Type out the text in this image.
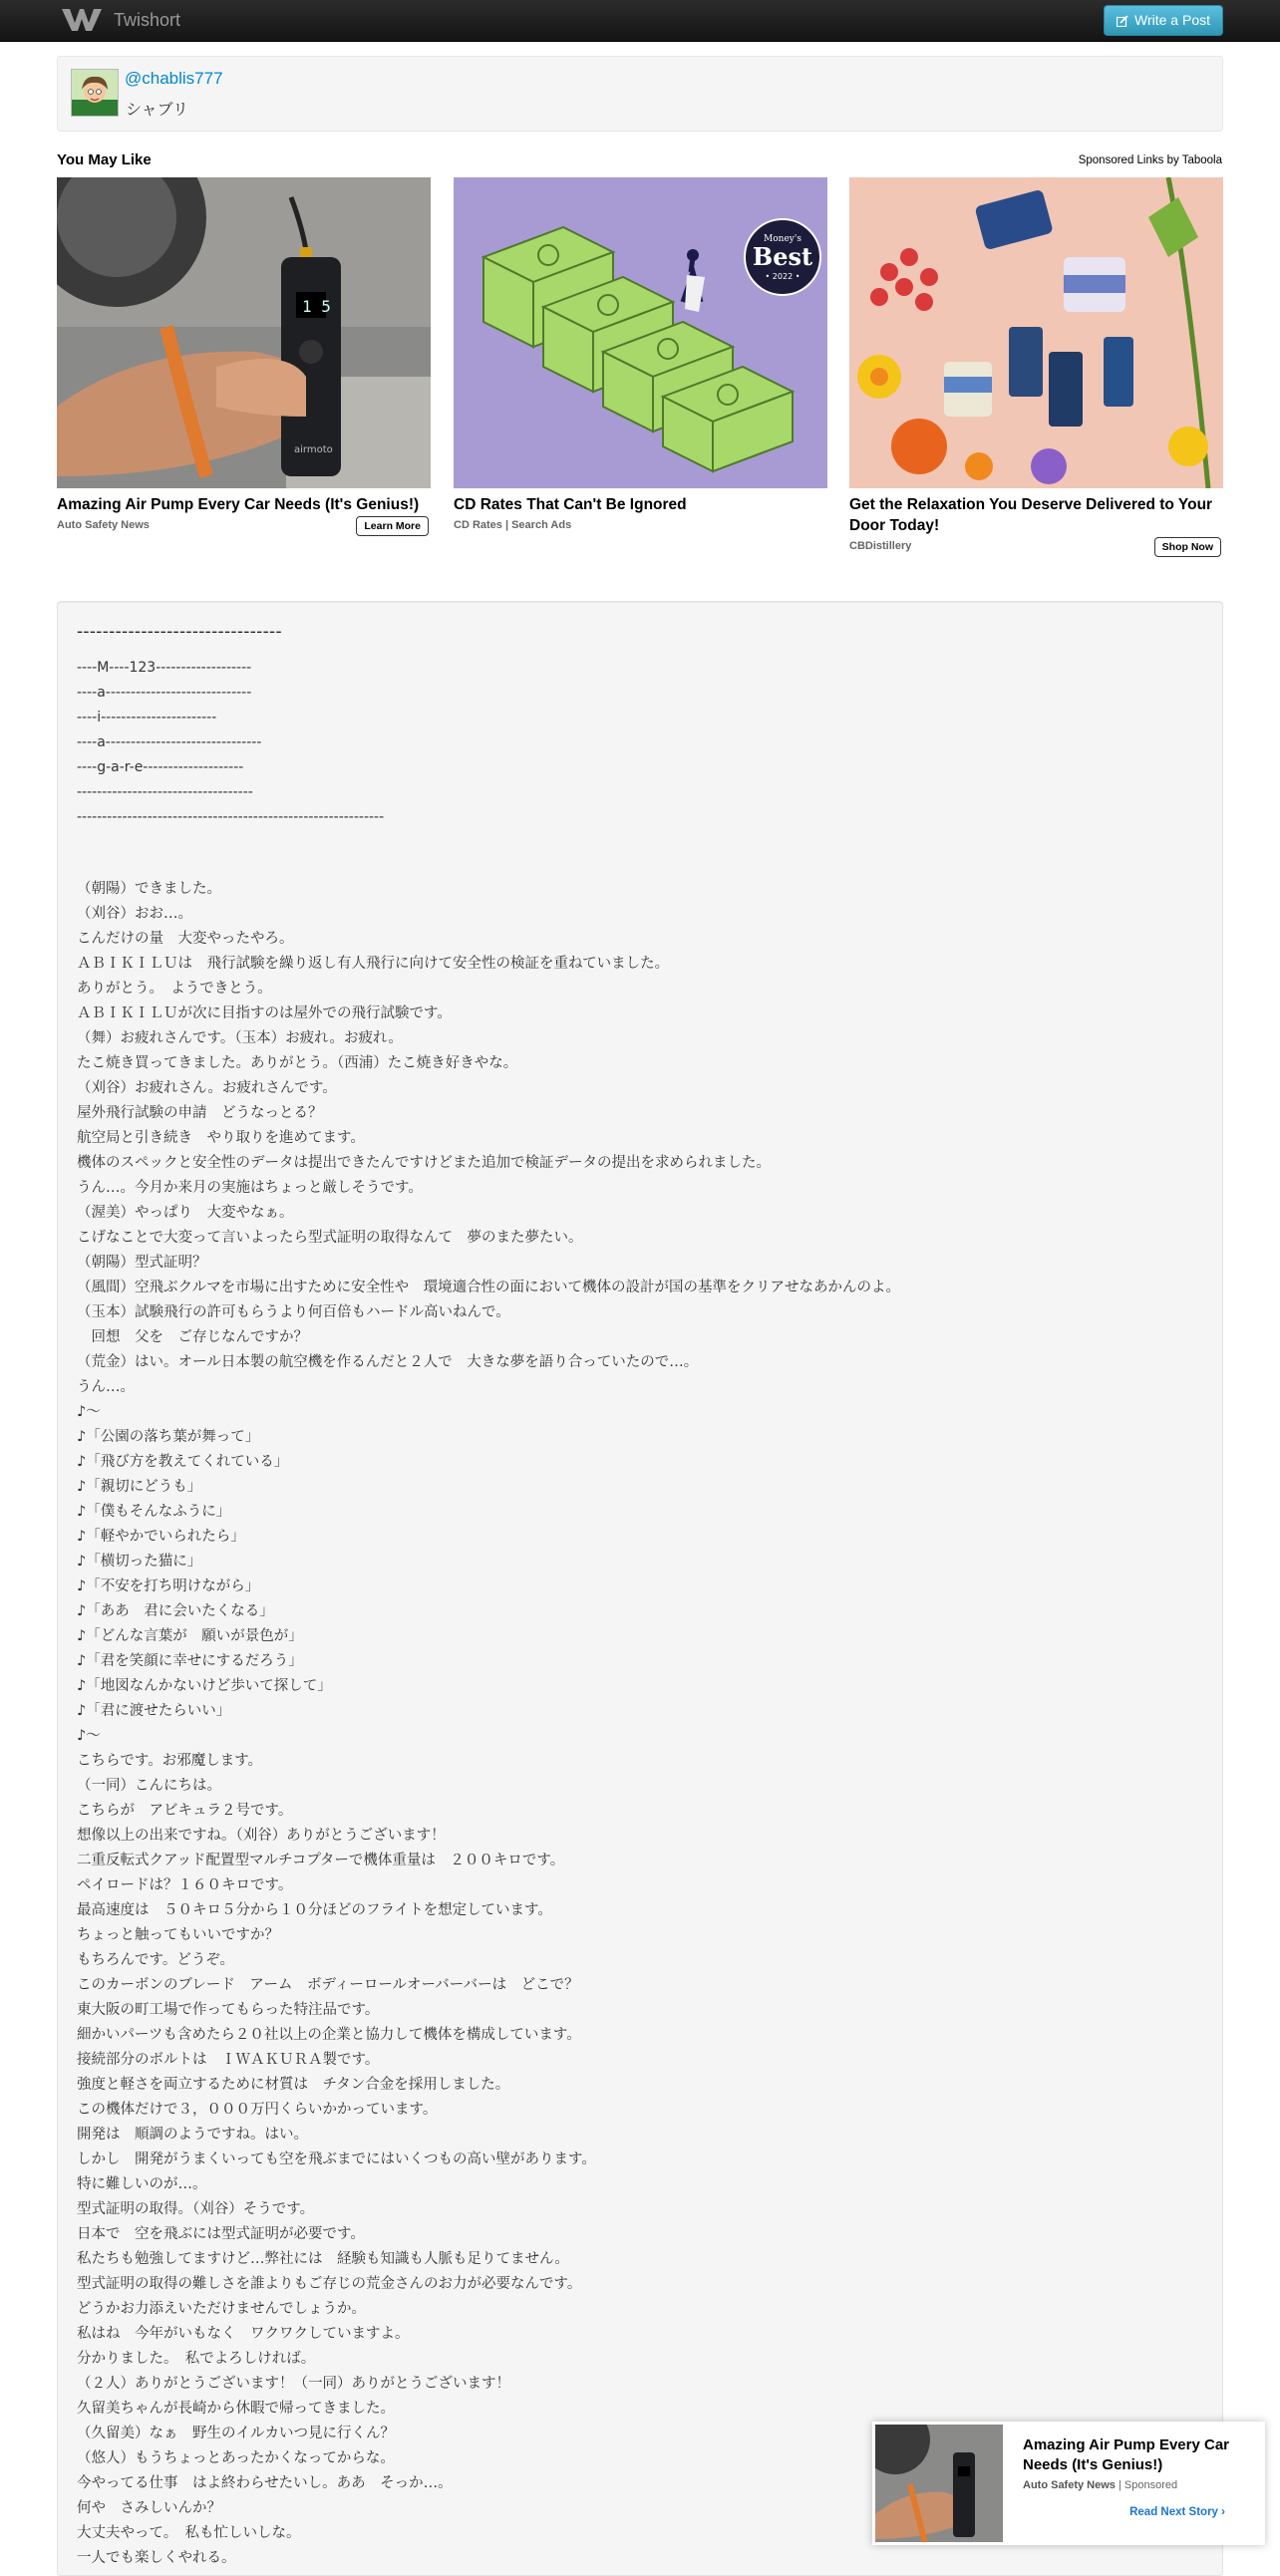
Twishort	Write a Post
@chablis777
シャブリ
You May Like	Sponsored Links by Taboola
1 5
airmoto
Amazing Air Pump Every Car Needs (It's Genius!)
Auto Safety News	Learn More
Money's
Best
• 2022 •
CD Rates That Can't Be Ignored
CD Rates | Search Ads
Get the Relaxation You Deserve Delivered to Your Door Today!
CBDistillery	Shop Now
--------------------------------
----M----123-------------------
----a-----------------------------
----i-----------------------
----a-------------------------------
----g-a-r-e--------------------
-----------------------------------
-------------------------------------------------------------
（朝陽）できました。
（刈谷）おお…。
こんだけの量　大変やったやろ。
ＡＢＩＫＩＬＵは　飛行試験を繰り返し有人飛行に向けて安全性の検証を重ねていました。
ありがとう。　ようできとう。
ＡＢＩＫＩＬＵが次に目指すのは屋外での飛行試験です。
（舞）お疲れさんです。（玉本）お疲れ。お疲れ。
たこ焼き買ってきました。ありがとう。（西浦）たこ焼き好きやな。
（刈谷）お疲れさん。お疲れさんです。
屋外飛行試験の申請　どうなっとる？
航空局と引き続き　やり取りを進めてます。
機体のスペックと安全性のデータは提出できたんですけどまた追加で検証データの提出を求められました。
うん…。今月か来月の実施はちょっと厳しそうです。
（渥美）やっぱり　大変やなぁ。
こげなことで大変って言いよったら型式証明の取得なんて　夢のまた夢たい。
（朝陽）型式証明？
（風間）空飛ぶクルマを市場に出すために安全性や　環境適合性の面において機体の設計が国の基準をクリアせなあかんのよ。
（玉本）試験飛行の許可もらうより何百倍もハードル高いねんで。
　回想　父を　ご存じなんですか？
（荒金）はい。オール日本製の航空機を作るんだと２人で　大きな夢を語り合っていたので…。
うん…。
♪～
♪「公園の落ち葉が舞って」
♪「飛び方を教えてくれている」
♪「親切にどうも」
♪「僕もそんなふうに」
♪「軽やかでいられたら」
♪「横切った猫に」
♪「不安を打ち明けながら」
♪「ああ　君に会いたくなる」
♪「どんな言葉が　願いが景色が」
♪「君を笑顔に幸せにするだろう」
♪「地図なんかないけど歩いて探して」
♪「君に渡せたらいい」
♪～
こちらです。お邪魔します。
（一同）こんにちは。
こちらが　アビキュラ２号です。
想像以上の出来ですね。（刈谷）ありがとうございます！
二重反転式クアッド配置型マルチコプターで機体重量は　２００キロです。
ペイロードは？１６０キロです。
最高速度は　５０キロ５分から１０分ほどのフライトを想定しています。
ちょっと触ってもいいですか？
もちろんです。どうぞ。
このカーボンのブレード　アーム　ボディーロールオーバーバーは　どこで？
東大阪の町工場で作ってもらった特注品です。
細かいパーツも含めたら２０社以上の企業と協力して機体を構成しています。
接続部分のボルトは　ＩＷＡＫＵＲＡ製です。
強度と軽さを両立するために材質は　チタン合金を採用しました。
この機体だけで３，０００万円くらいかかっています。
開発は　順調のようですね。はい。
しかし　開発がうまくいっても空を飛ぶまでにはいくつもの高い壁があります。
特に難しいのが…。
型式証明の取得。（刈谷）そうです。
日本で　空を飛ぶには型式証明が必要です。
私たちも勉強してますけど…弊社には　経験も知識も人脈も足りてません。
型式証明の取得の難しさを誰よりもご存じの荒金さんのお力が必要なんです。
どうかお力添えいただけませんでしょうか。
私はね　今年がいもなく　ワクワクしていますよ。
分かりました。　私でよろしければ。
（２人）ありがとうございます！（一同）ありがとうございます！
久留美ちゃんが長崎から休暇で帰ってきました。
（久留美）なぁ　野生のイルカいつ見に行くん？
（悠人）もうちょっとあったかくなってからな。
今やってる仕事　はよ終わらせたいし。ああ　そっか…。
何や　さみしいんか？
大丈夫やって。　私も忙しいしな。
一人でも楽しくやれる。
Amazing Air Pump Every Car Needs (It's Genius!)
Auto Safety News | Sponsored
Read Next Story ›
